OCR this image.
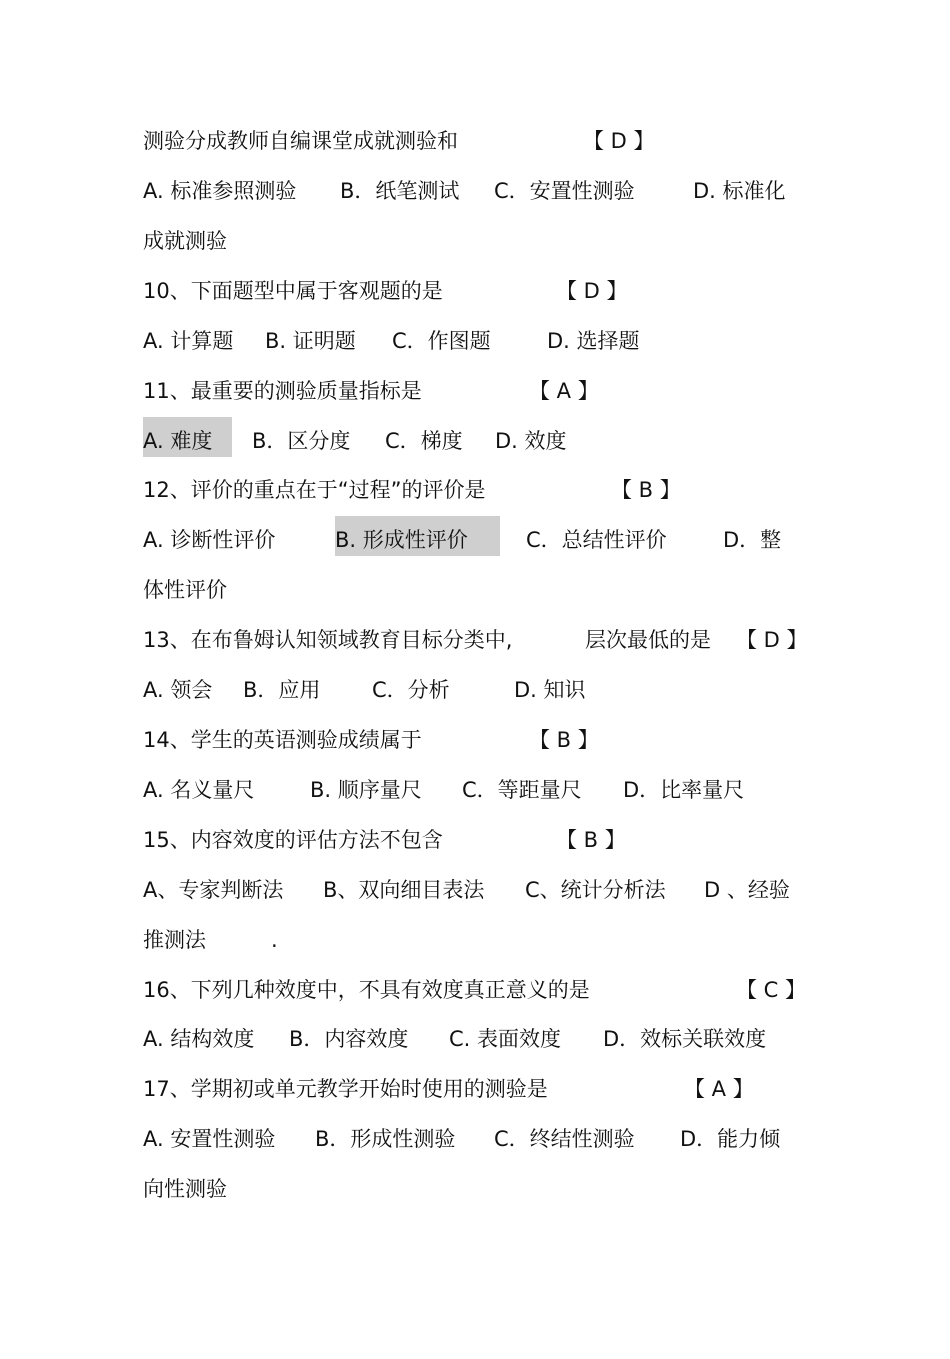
测验分成教师自编课堂成就测验和

	【 D 】

A. 标准参照测验

B．纸笔测试

C．安置性测验

	D. 标准化

成就测验

10、下面题型中属于客观题的是

	【 D 】

A. 计算题

B. 证明题

C．作图题

	D. 选择题

11、最重要的测验质量指标是

	【 A 】

A. 难度

B．区分度

C．梯度

D. 效度

12、评价的重点在于“过程”的评价是

	【 B 】

A. 诊断性评价

	B. 形成性评价

	C．总结性评价

	D．整

体性评价

13、在布鲁姆认知领域教育目标分类中,

	层次最低的是

【 D 】

A. 领会

B．应用

C．分析

	D. 知识

14、学生的英语测验成绩属于

	【 B 】

A. 名义量尺

	B. 顺序量尺

C．等距量尺

D．比率量尺

15、内容效度的评估方法不包含

	【 B 】

A、专家判断法

B、双向细目表法

C、统计分析法

D 、经验

推测法

	.

16、下列几种效度中，不具有效度真正意义的是

	【 C 】

A. 结构效度

B．内容效度

C. 表面效度

D．效标关联效度

17、学期初或单元教学开始时使用的测验是

	【 A 】

A. 安置性测验

B．形成性测验

C．终结性测验

D．能力倾

向性测验
